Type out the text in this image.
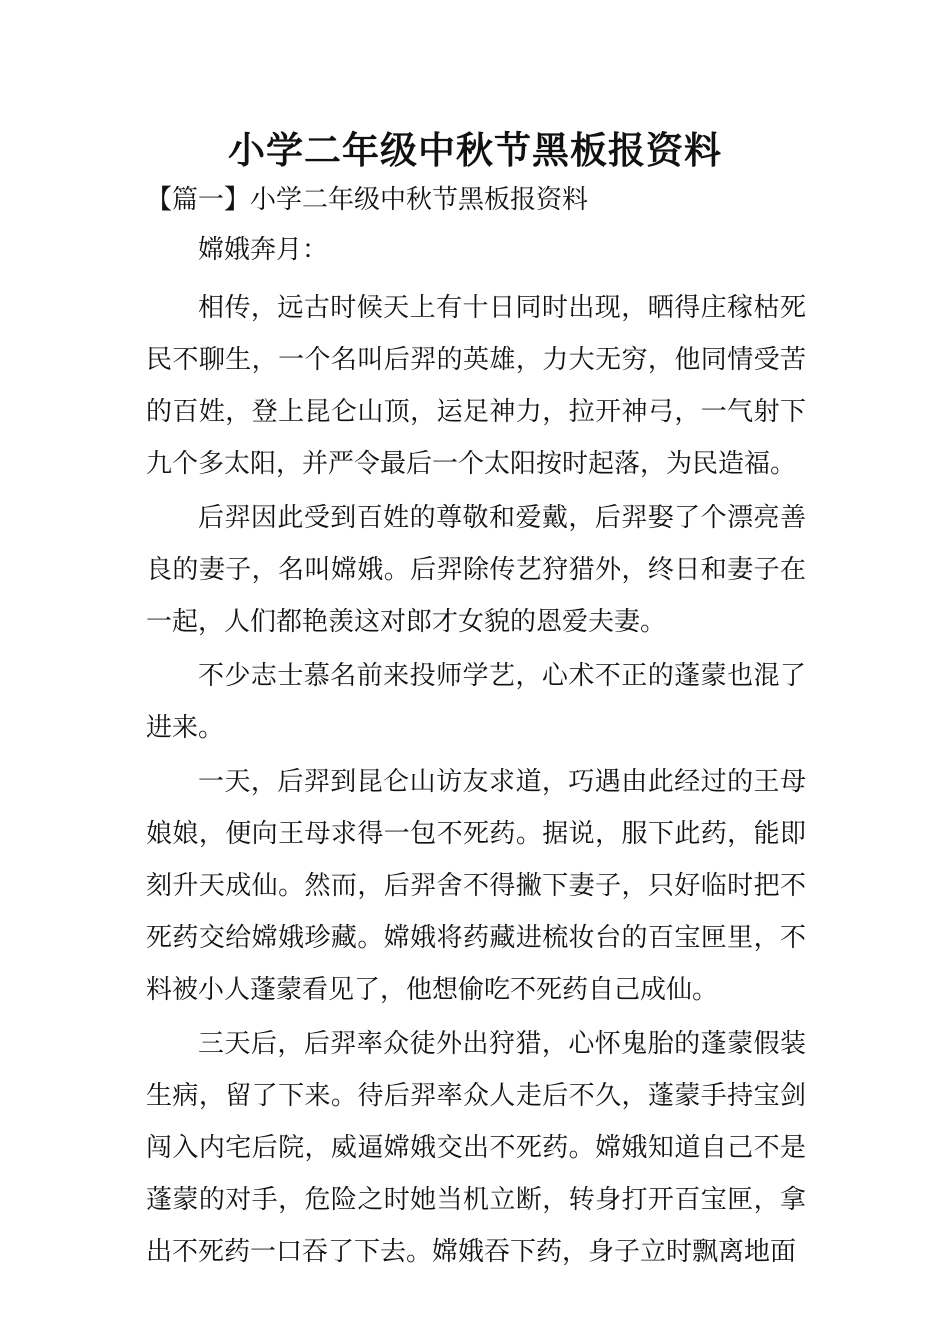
小学二年级中秋节黑板报资料
【篇一】小学二年级中秋节黑板报资料

嫦娥奔月：

相传，远古时候天上有十日同时出现，晒得庄稼枯死民不聊生，一个名叫后羿的英雄，力大无穷，他同情受苦的百姓，登上昆仑山顶，运足神力，拉开神弓，一气射下九个多太阳，并严令最后一个太阳按时起落，为民造福。

后羿因此受到百姓的尊敬和爱戴，后羿娶了个漂亮善良的妻子，名叫嫦娥。后羿除传艺狩猎外，终日和妻子在一起，人们都艳羡这对郎才女貌的恩爱夫妻。

不少志士慕名前来投师学艺，心术不正的蓬蒙也混了进来。

一天，后羿到昆仑山访友求道，巧遇由此经过的王母娘娘，便向王母求得一包不死药。据说，服下此药，能即刻升天成仙。然而，后羿舍不得撇下妻子，只好临时把不死药交给嫦娥珍藏。嫦娥将药藏进梳妆台的百宝匣里，不料被小人蓬蒙看见了，他想偷吃不死药自己成仙。

三天后，后羿率众徒外出狩猎，心怀鬼胎的蓬蒙假装生病，留了下来。待后羿率众人走后不久，蓬蒙手持宝剑闯入内宅后院，威逼嫦娥交出不死药。嫦娥知道自己不是蓬蒙的对手，危险之时她当机立断，转身打开百宝匣，拿出不死药一口吞了下去。嫦娥吞下药，身子立时飘离地面
